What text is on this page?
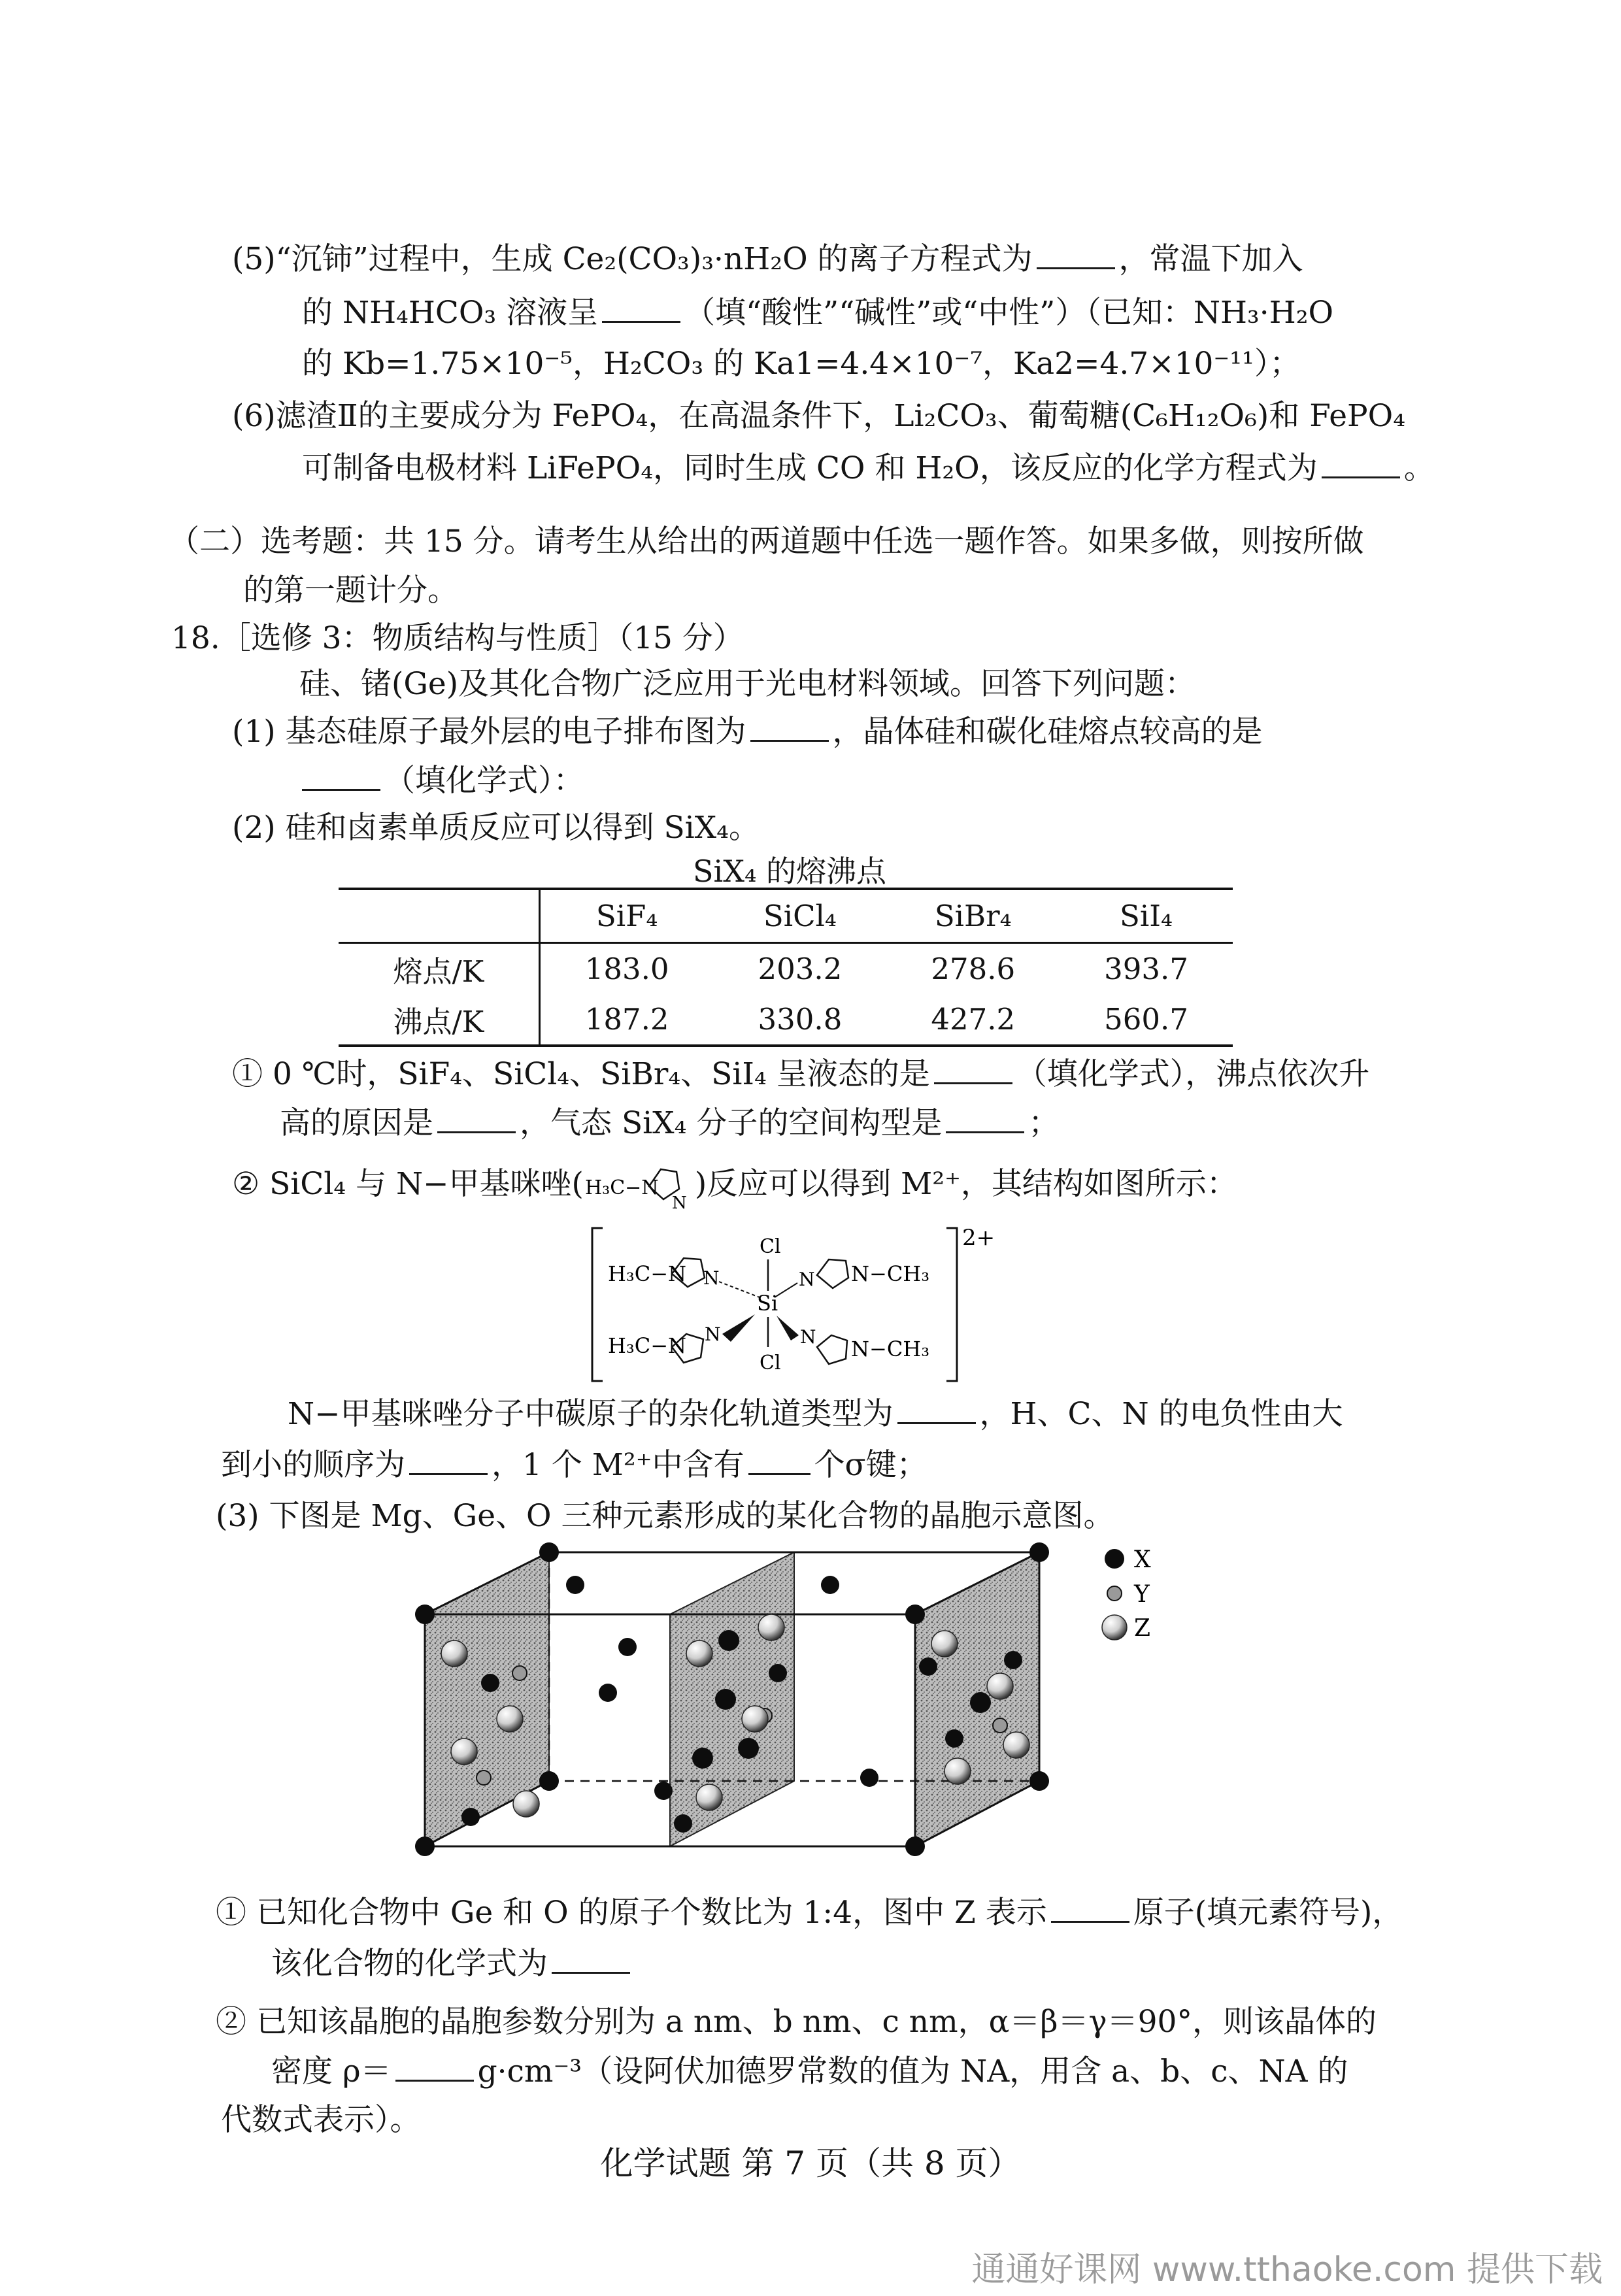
(5)“沉铈”过程中，生成 Ce₂(CO₃)₃·nH₂O 的离子方程式为	，常温下加入
的 NH₄HCO₃ 溶液呈	（填“酸性”“碱性”或“中性”）（已知：NH₃·H₂O
的 Kb=1.75×10⁻⁵，H₂CO₃ 的 Ka1=4.4×10⁻⁷，Ka2=4.7×10⁻¹¹）；
(6)滤渣Ⅱ的主要成分为 FePO₄，在高温条件下，Li₂CO₃、葡萄糖(C₆H₁₂O₆)和 FePO₄
可制备电极材料 LiFePO₄，同时生成 CO 和 H₂O，该反应的化学方程式为	。
（二）选考题：共 15 分。请考生从给出的两道题中任选一题作答。如果多做，则按所做
的第一题计分。
18.［选修 3：物质结构与性质］（15 分）
硅、锗(Ge)及其化合物广泛应用于光电材料领域。回答下列问题：
(1) 基态硅原子最外层的电子排布图为	，晶体硅和碳化硅熔点较高的是
（填化学式）：
(2) 硅和卤素单质反应可以得到 SiX₄。
SiX₄ 的熔沸点
	SiF₄	SiCl₄	SiBr₄	SiI₄
熔点/K	183.0	203.2	278.6	393.7
沸点/K	187.2	330.8	427.2	560.7
① 0 ℃时，SiF₄、SiCl₄、SiBr₄、SiI₄ 呈液态的是	（填化学式），沸点依次升
高的原因是	，气态 SiX₄ 分子的空间构型是	；
② SiCl₄ 与 N−甲基咪唑( H₃C−N
N
)反应可以得到 M²⁺，其结构如图所示：
2+
H₃C−N N	N N−CH₃
Cl
Si
Cl
H₃C−N N	N N−CH₃
N−甲基咪唑分子中碳原子的杂化轨道类型为	，H、C、N 的电负性由大
到小的顺序为	，1 个 M²⁺中含有 个σ键；
(3) 下图是 Mg、Ge、O 三种元素形成的某化合物的晶胞示意图。
X
Y
Z
① 已知化合物中 Ge 和 O 的原子个数比为 1:4，图中 Z 表示	原子(填元素符号)，
该化合物的化学式为
② 已知该晶胞的晶胞参数分别为 a nm、b nm、c nm，α＝β＝γ＝90°，则该晶体的
密度 ρ＝	g·cm⁻³（设阿伏加德罗常数的值为 NA，用含 a、b、c、NA 的
代数式表示）。
化学试题 第 7 页（共 8 页）
通通好课网 www.tthaoke.com 提供下载
